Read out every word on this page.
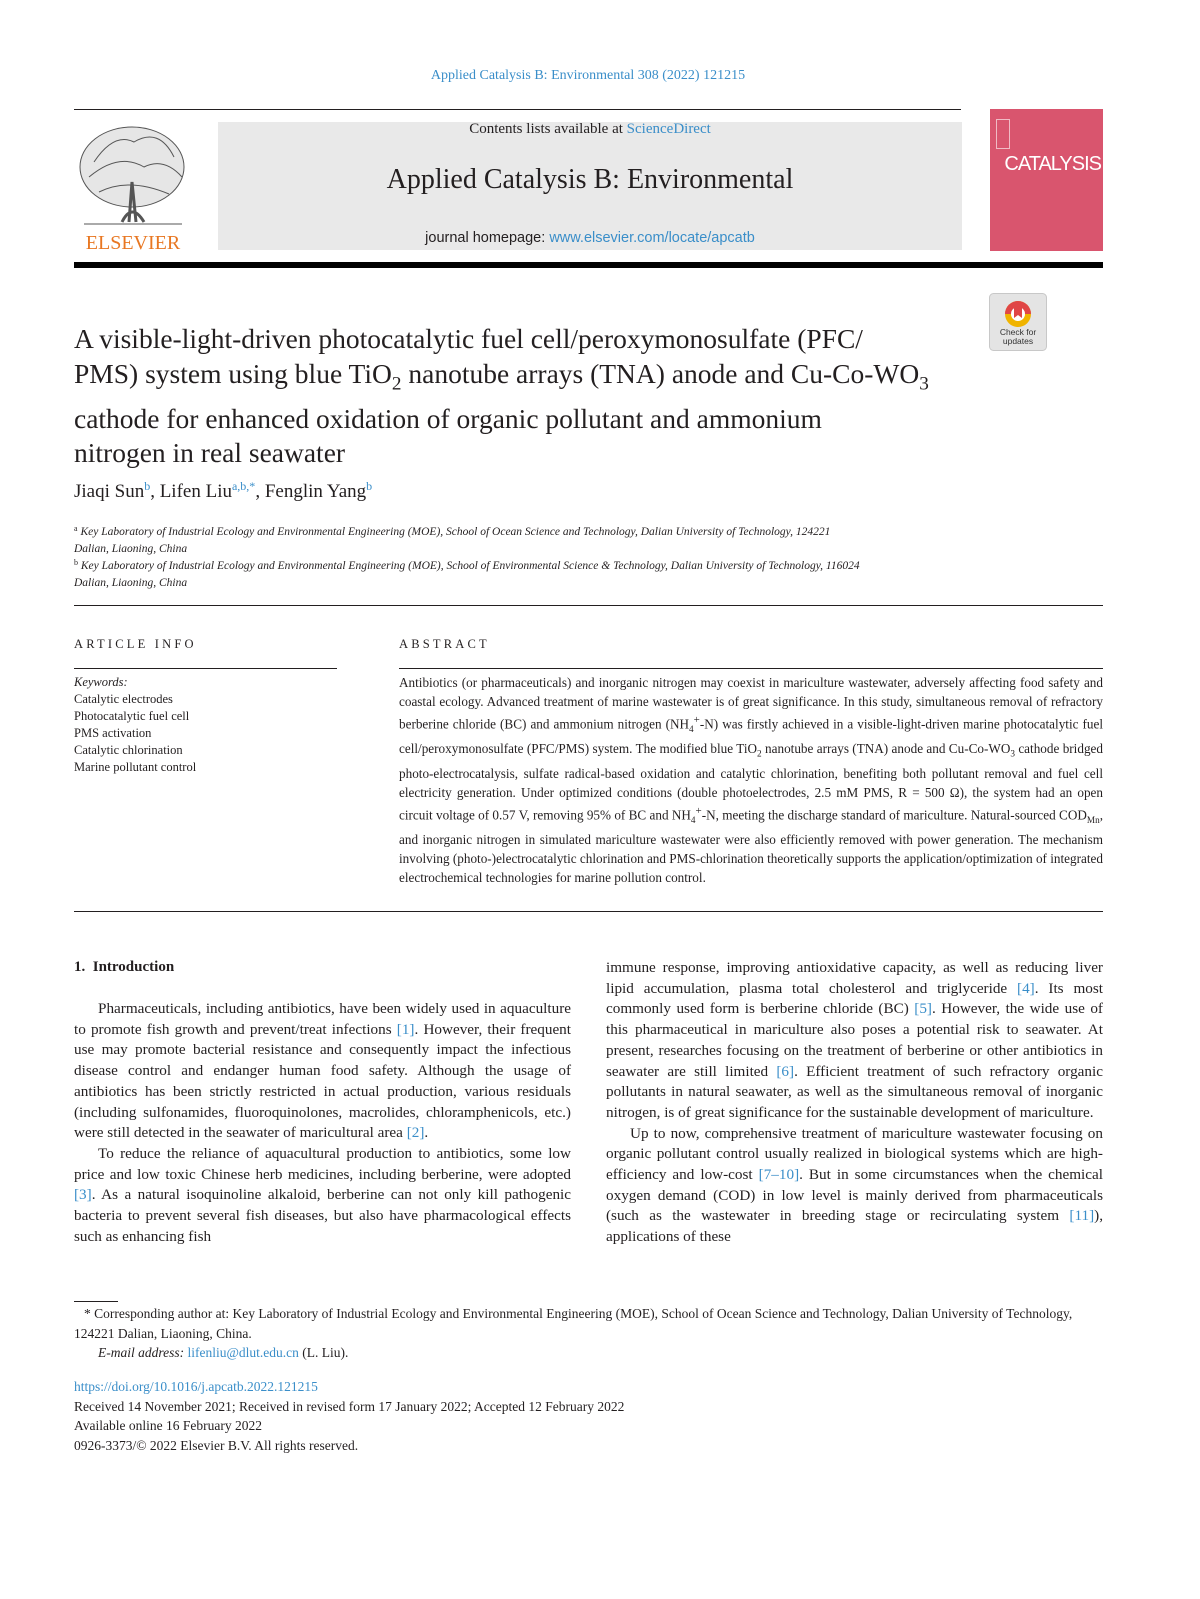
Applied Catalysis B: Environmental 308 (2022) 121215
ELSEVIER
Contents lists available at ScienceDirect
Applied Catalysis B: Environmental
journal homepage: www.elsevier.com/locate/apcatb
CATALYSIS
Check for updates
A visible-light-driven photocatalytic fuel cell/peroxymonosulfate (PFC/
PMS) system using blue TiO$_2$ nanotube arrays (TNA) anode and $Cu-Co-WO_3$
cathode for enhanced oxidation of organic pollutant and ammonium
nitrogen in real seawater
Jiaqi Sun$^b$, Lifen Liu$^{a,b,*}$, Fenglin Yang$^b$
$^a$ Key Laboratory of Industrial Ecology and Environmental Engineering (MOE), School of Ocean Science and Technology, Dalian University of Technology, 124221
Dalian, Liaoning, China
$^b$ Key Laboratory of Industrial Ecology and Environmental Engineering (MOE), School of Environmental Science & Technology, Dalian University of Technology, 116024
Dalian, Liaoning, China
ARTICLE INFO
Keywords:
Catalytic electrodes
Photocatalytic fuel cell
PMS activation
Catalytic chlorination
Marine pollutant control
ABSTRACT
Antibiotics (or pharmaceuticals) and inorganic nitrogen may coexist in mariculture wastewater, adversely affecting food safety and coastal ecology. Advanced treatment of marine wastewater is of great significance. In this study, simultaneous removal of refractory berberine chloride (BC) and ammonium nitrogen $(NH_4^+-N)$ was firstly achieved in a visible-light-driven marine photocatalytic fuel cell/peroxymonosulfate (PFC/PMS) system. The modified blue TiO$_2$ nanotube arrays (TNA) anode and $Cu-Co-WO_3$ cathode bridged photo-electrocatalysis, sulfate radical-based oxidation and catalytic chlorination, benefiting both pollutant removal and fuel cell electricity generation. Under optimized conditions (double photoelectrodes, 2.5 mM PMS, R = 500 Ω), the system had an open circuit voltage of 0.57 V, removing 95% of BC and $NH_4^+-N$, meeting the discharge standard of mariculture. Natural-sourced $COD_{Mn}$, and inorganic nitrogen in simulated mariculture wastewater were also efficiently removed with power generation. The mechanism involving (photo-)electrocatalytic chlorination and PMS-chlorination theoretically supports the application/optimization of integrated electrochemical technologies for marine pollution control.
1.  Introduction

Pharmaceuticals, including antibiotics, have been widely used in aquaculture to promote fish growth and prevent/treat infections [1]. However, their frequent use may promote bacterial resistance and consequently impact the infectious disease control and endanger human food safety. Although the usage of antibiotics has been strictly restricted in actual production, various residuals (including sulfonamides, fluoroquinolones, macrolides, chloramphenicols, etc.) were still detected in the seawater of maricultural area [2].

To reduce the reliance of aquacultural production to antibiotics, some low price and low toxic Chinese herb medicines, including berberine, were adopted [3]. As a natural isoquinoline alkaloid, berberine can not only kill pathogenic bacteria to prevent several fish diseases, but also have pharmacological effects such as enhancing fish

immune response, improving antioxidative capacity, as well as reducing liver lipid accumulation, plasma total cholesterol and triglyceride [4]. Its most commonly used form is berberine chloride (BC) [5]. However, the wide use of this pharmaceutical in mariculture also poses a potential risk to seawater. At present, researches focusing on the treatment of berberine or other antibiotics in seawater are still limited [6]. Efficient treatment of such refractory organic pollutants in natural seawater, as well as the simultaneous removal of inorganic nitrogen, is of great significance for the sustainable development of mariculture.

Up to now, comprehensive treatment of mariculture wastewater focusing on organic pollutant control usually realized in biological systems which are high-efficiency and low-cost [7–10]. But in some circumstances when the chemical oxygen demand (COD) in low level is mainly derived from pharmaceuticals (such as the wastewater in breeding stage or recirculating system [11]), applications of these

* Corresponding author at: Key Laboratory of Industrial Ecology and Environmental Engineering (MOE), School of Ocean Science and Technology, Dalian University of Technology, 124221 Dalian, Liaoning, China.
E-mail address: lifenliu@dlut.edu.cn (L. Liu).
https://doi.org/10.1016/j.apcatb.2022.121215
Received 14 November 2021; Received in revised form 17 January 2022; Accepted 12 February 2022
Available online 16 February 2022
0926-3373/© 2022 Elsevier B.V. All rights reserved.
